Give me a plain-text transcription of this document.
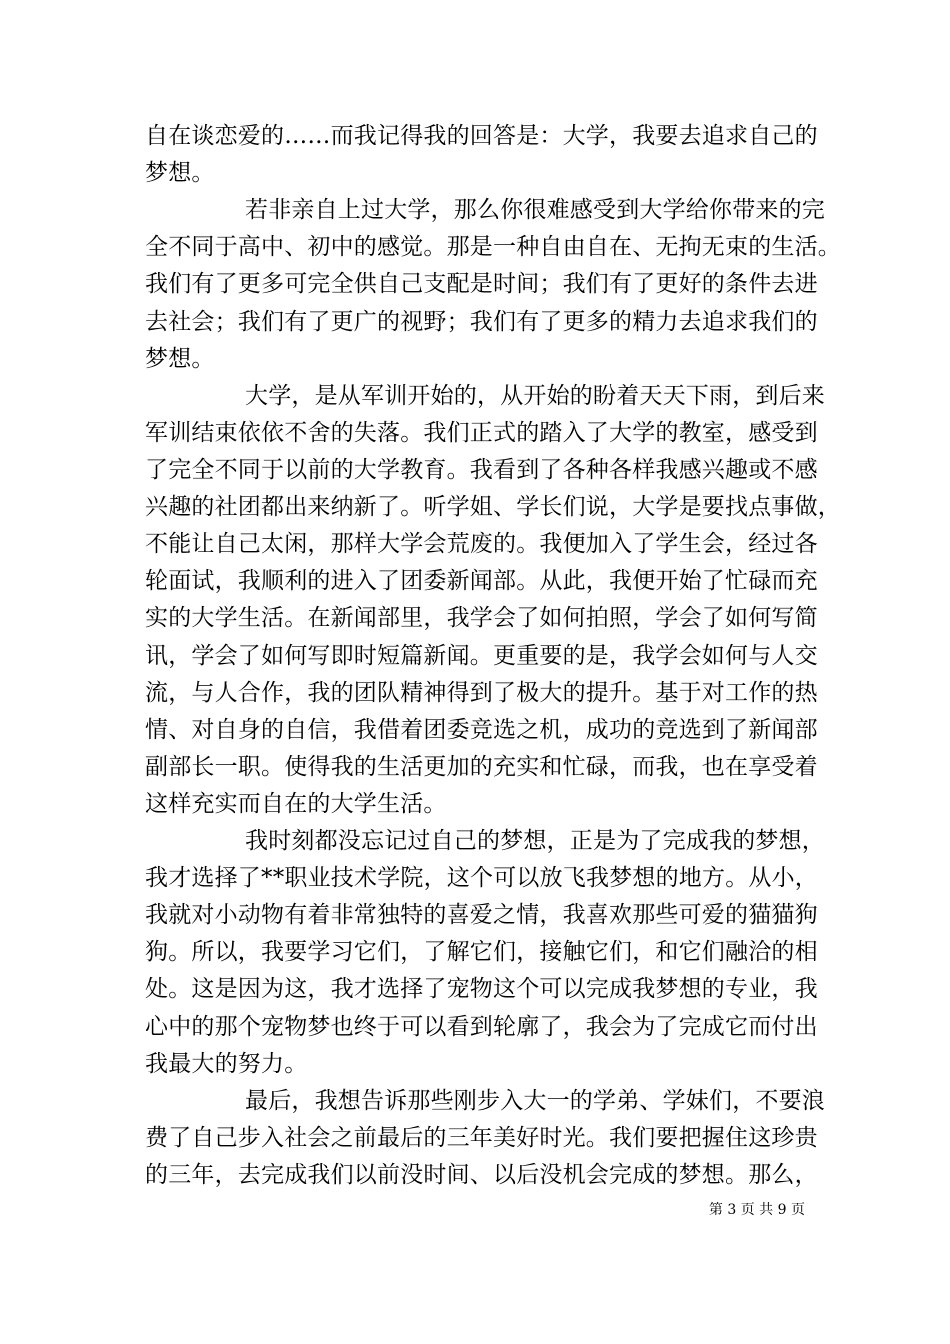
自在谈恋爱的……而我记得我的回答是：大学，我要去追求自己的
梦想。
若非亲自上过大学，那么你很难感受到大学给你带来的完
全不同于高中、初中的感觉。那是一种自由自在、无拘无束的生活。
我们有了更多可完全供自己支配是时间；我们有了更好的条件去进
去社会；我们有了更广的视野；我们有了更多的精力去追求我们的
梦想。
大学，是从军训开始的，从开始的盼着天天下雨，到后来
军训结束依依不舍的失落。我们正式的踏入了大学的教室，感受到
了完全不同于以前的大学教育。我看到了各种各样我感兴趣或不感
兴趣的社团都出来纳新了。听学姐、学长们说，大学是要找点事做，
不能让自己太闲，那样大学会荒废的。我便加入了学生会，经过各
轮面试，我顺利的进入了团委新闻部。从此，我便开始了忙碌而充
实的大学生活。在新闻部里，我学会了如何拍照，学会了如何写简
讯，学会了如何写即时短篇新闻。更重要的是，我学会如何与人交
流，与人合作，我的团队精神得到了极大的提升。基于对工作的热
情、对自身的自信，我借着团委竞选之机，成功的竞选到了新闻部
副部长一职。使得我的生活更加的充实和忙碌，而我，也在享受着
这样充实而自在的大学生活。
我时刻都没忘记过自己的梦想，正是为了完成我的梦想，
我才选择了**职业技术学院，这个可以放飞我梦想的地方。从小，
我就对小动物有着非常独特的喜爱之情，我喜欢那些可爱的猫猫狗
狗。所以，我要学习它们，了解它们，接触它们，和它们融洽的相
处。这是因为这，我才选择了宠物这个可以完成我梦想的专业，我
心中的那个宠物梦也终于可以看到轮廓了，我会为了完成它而付出
我最大的努力。
最后，我想告诉那些刚步入大一的学弟、学妹们，不要浪
费了自己步入社会之前最后的三年美好时光。我们要把握住这珍贵
的三年，去完成我们以前没时间、以后没机会完成的梦想。那么，
第 3 页 共 9 页
